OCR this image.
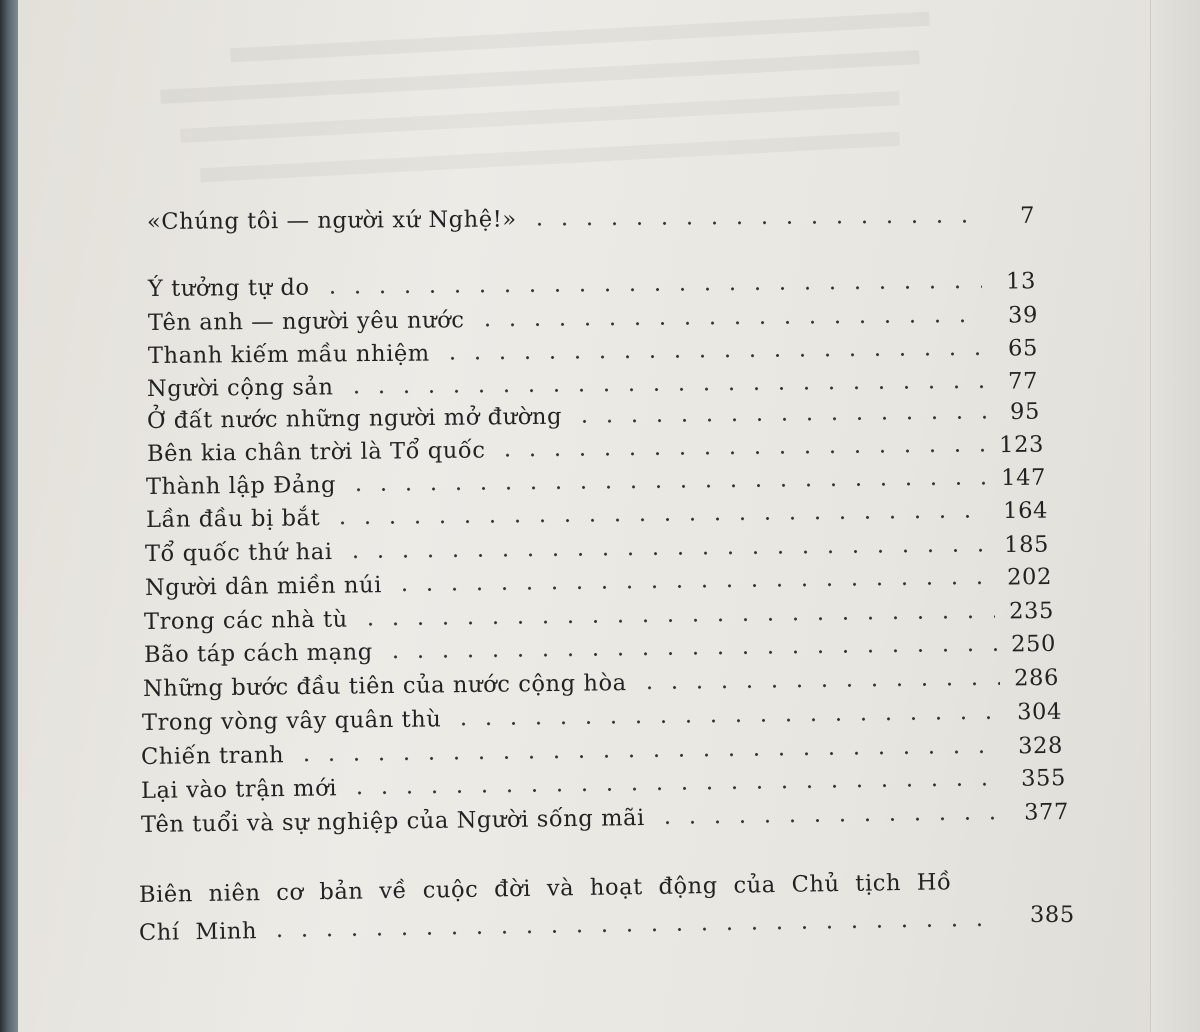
«Chúng tôi — người xứ Nghệ!»	7
Ý tưởng tự do	13
Tên anh — người yêu nước	39
Thanh kiếm mầu nhiệm	65
Người cộng sản	77
Ở đất nước những người mở đường	95
Bên kia chân trời là Tổ quốc	123
Thành lập Đảng	147
Lần đầu bị bắt	164
Tổ quốc thứ hai	185
Người dân miền núi	202
Trong các nhà tù	235
Bão táp cách mạng	250
Những bước đầu tiên của nước cộng hòa	286
Trong vòng vây quân thù	304
Chiến tranh	328
Lại vào trận mới	355
Tên tuổi và sự nghiệp của Người sống mãi	377
Biên niên cơ bản về cuộc đời và hoạt động của Chủ tịch Hồ
Chí Minh
385
